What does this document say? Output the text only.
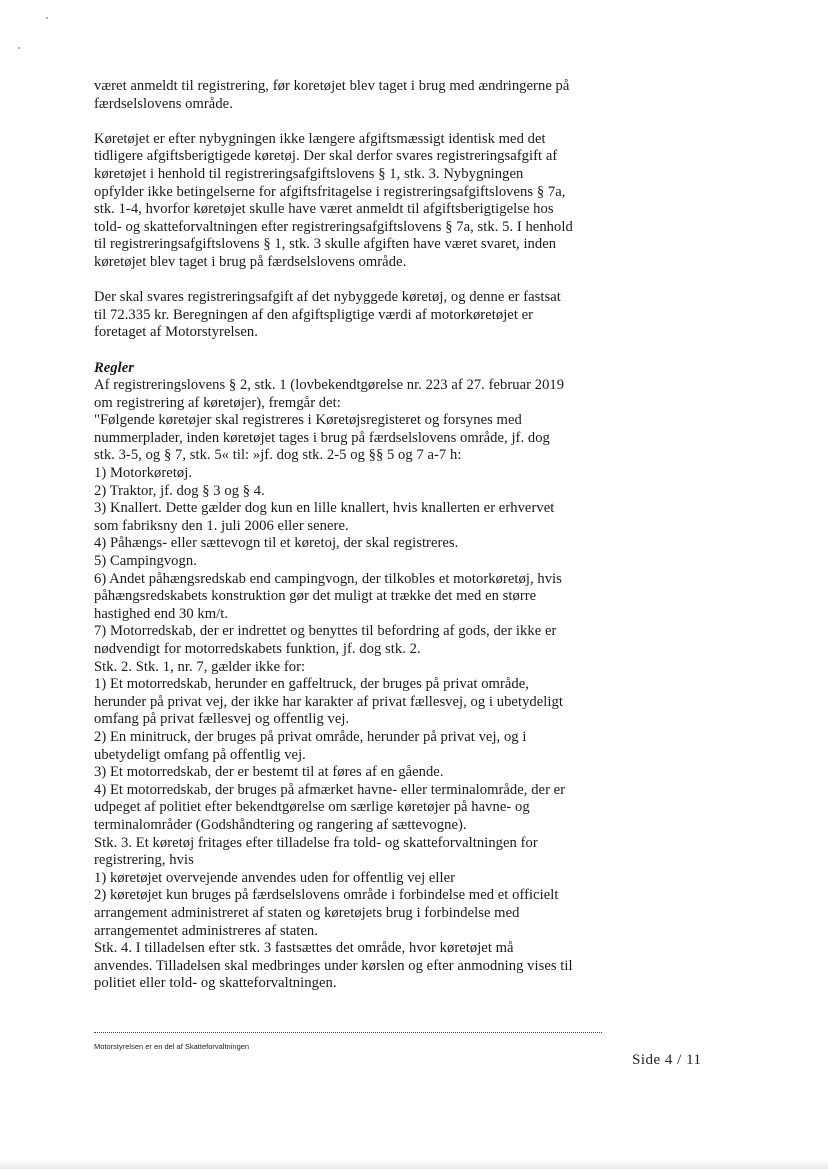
været anmeldt til registrering, før koretøjet blev taget i brug med ændringerne på
færdselslovens område.
Køretøjet er efter nybygningen ikke længere afgiftsmæssigt identisk med det
tidligere afgiftsberigtigede køretøj. Der skal derfor svares registreringsafgift af
køretøjet i henhold til registreringsafgiftslovens § 1, stk. 3. Nybygningen
opfylder ikke betingelserne for afgiftsfritagelse i registreringsafgiftslovens § 7a,
stk. 1-4, hvorfor køretøjet skulle have været anmeldt til afgiftsberigtigelse hos
told- og skatteforvaltningen efter registreringsafgiftslovens § 7a, stk. 5. I henhold
til registreringsafgiftslovens § 1, stk. 3 skulle afgiften have været svaret, inden
køretøjet blev taget i brug på færdselslovens område.
Der skal svares registreringsafgift af det nybyggede køretøj, og denne er fastsat
til 72.335 kr. Beregningen af den afgiftspligtige værdi af motorkøretøjet er
foretaget af Motorstyrelsen.
Regler
Af registreringslovens § 2, stk. 1 (lovbekendtgørelse nr. 223 af 27. februar 2019
om registrering af køretøjer), fremgår det:
"Følgende køretøjer skal registreres i Køretøjsregisteret og forsynes med
nummerplader, inden køretøjet tages i brug på færdselslovens område, jf. dog
stk. 3-5, og § 7, stk. 5« til: »jf. dog stk. 2-5 og §§ 5 og 7 a-7 h:
1) Motorkøretøj.
2) Traktor, jf. dog § 3 og § 4.
3) Knallert. Dette gælder dog kun en lille knallert, hvis knallerten er erhvervet
som fabriksny den 1. juli 2006 eller senere.
4) Påhængs- eller sættevogn til et køretoj, der skal registreres.
5) Campingvogn.
6) Andet påhængsredskab end campingvogn, der tilkobles et motorkøretøj, hvis
påhængsredskabets konstruktion gør det muligt at trække det med en større
hastighed end 30 km/t.
7) Motorredskab, der er indrettet og benyttes til befordring af gods, der ikke er
nødvendigt for motorredskabets funktion, jf. dog stk. 2.
Stk. 2. Stk. 1, nr. 7, gælder ikke for:
1) Et motorredskab, herunder en gaffeltruck, der bruges på privat område,
herunder på privat vej, der ikke har karakter af privat fællesvej, og i ubetydeligt
omfang på privat fællesvej og offentlig vej.
2) En minitruck, der bruges på privat område, herunder på privat vej, og i
ubetydeligt omfang på offentlig vej.
3) Et motorredskab, der er bestemt til at føres af en gående.
4) Et motorredskab, der bruges på afmærket havne- eller terminalområde, der er
udpeget af politiet efter bekendtgørelse om særlige køretøjer på havne- og
terminalområder (Godshåndtering og rangering af sættevogne).
Stk. 3. Et køretøj fritages efter tilladelse fra told- og skatteforvaltningen for
registrering, hvis
1) køretøjet overvejende anvendes uden for offentlig vej eller
2) køretøjet kun bruges på færdselslovens område i forbindelse med et officielt
arrangement administreret af staten og køretøjets brug i forbindelse med
arrangementet administreres af staten.
Stk. 4. I tilladelsen efter stk. 3 fastsættes det område, hvor køretøjet må
anvendes. Tilladelsen skal medbringes under kørslen og efter anmodning vises til
politiet eller told- og skatteforvaltningen.
Motorstyrelsen er en del af Skatteforvaltningen
Side 4 / 11
